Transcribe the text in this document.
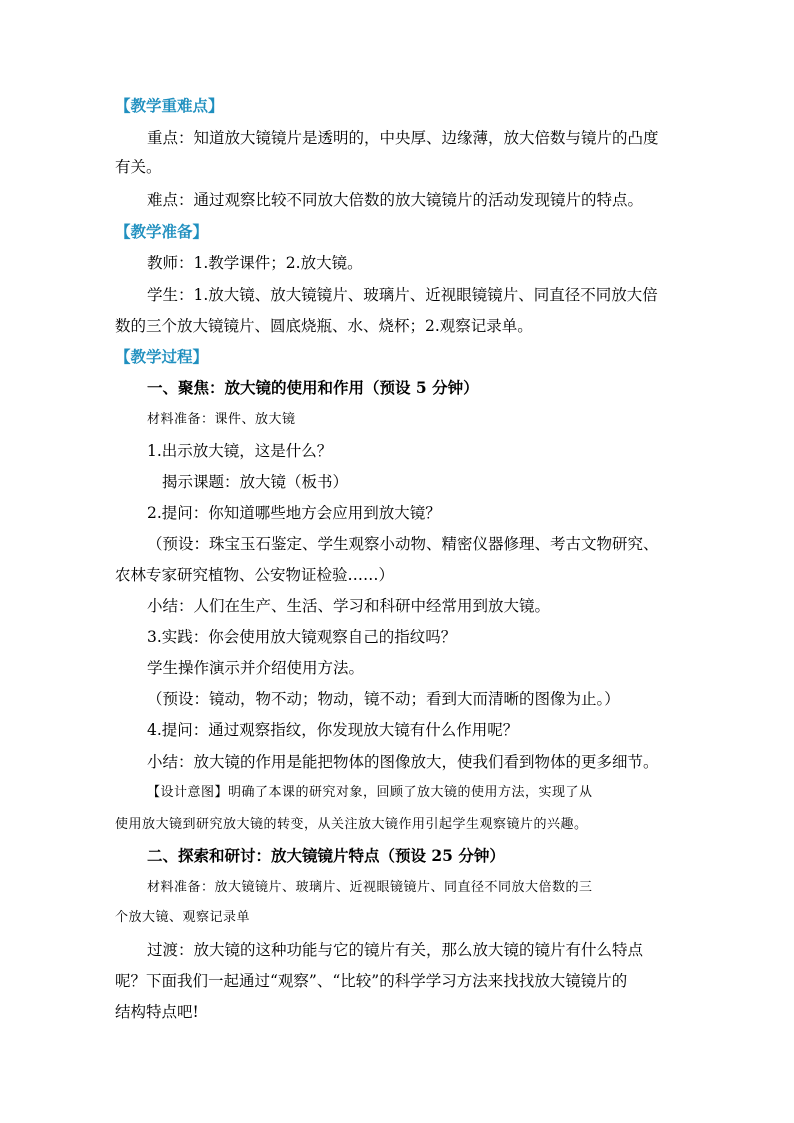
【教学重难点】
重点：知道放大镜镜片是透明的，中央厚、边缘薄，放大倍数与镜片的凸度
有关。
难点：通过观察比较不同放大倍数的放大镜镜片的活动发现镜片的特点。
【教学准备】
教师：1.教学课件；2.放大镜。
学生：1.放大镜、放大镜镜片、玻璃片、近视眼镜镜片、同直径不同放大倍
数的三个放大镜镜片、圆底烧瓶、水、烧杯；2.观察记录单。
【教学过程】
一、聚焦：放大镜的使用和作用（预设 5 分钟）
材料准备：课件、放大镜
1.出示放大镜，这是什么？
揭示课题：放大镜（板书）
2.提问：你知道哪些地方会应用到放大镜？
（预设：珠宝玉石鉴定、学生观察小动物、精密仪器修理、考古文物研究、
农林专家研究植物、公安物证检验……）
小结：人们在生产、生活、学习和科研中经常用到放大镜。
3.实践：你会使用放大镜观察自己的指纹吗？
学生操作演示并介绍使用方法。
（预设：镜动，物不动；物动，镜不动；看到大而清晰的图像为止。）
4.提问：通过观察指纹，你发现放大镜有什么作用呢？
小结：放大镜的作用是能把物体的图像放大，使我们看到物体的更多细节。
【设计意图】明确了本课的研究对象，回顾了放大镜的使用方法，实现了从
使用放大镜到研究放大镜的转变，从关注放大镜作用引起学生观察镜片的兴趣。
二、探索和研讨：放大镜镜片特点（预设 25 分钟）
材料准备：放大镜镜片、玻璃片、近视眼镜镜片、同直径不同放大倍数的三
个放大镜、观察记录单
过渡：放大镜的这种功能与它的镜片有关，那么放大镜的镜片有什么特点
呢？下面我们一起通过“观察”、“比较”的科学学习方法来找找放大镜镜片的
结构特点吧!
